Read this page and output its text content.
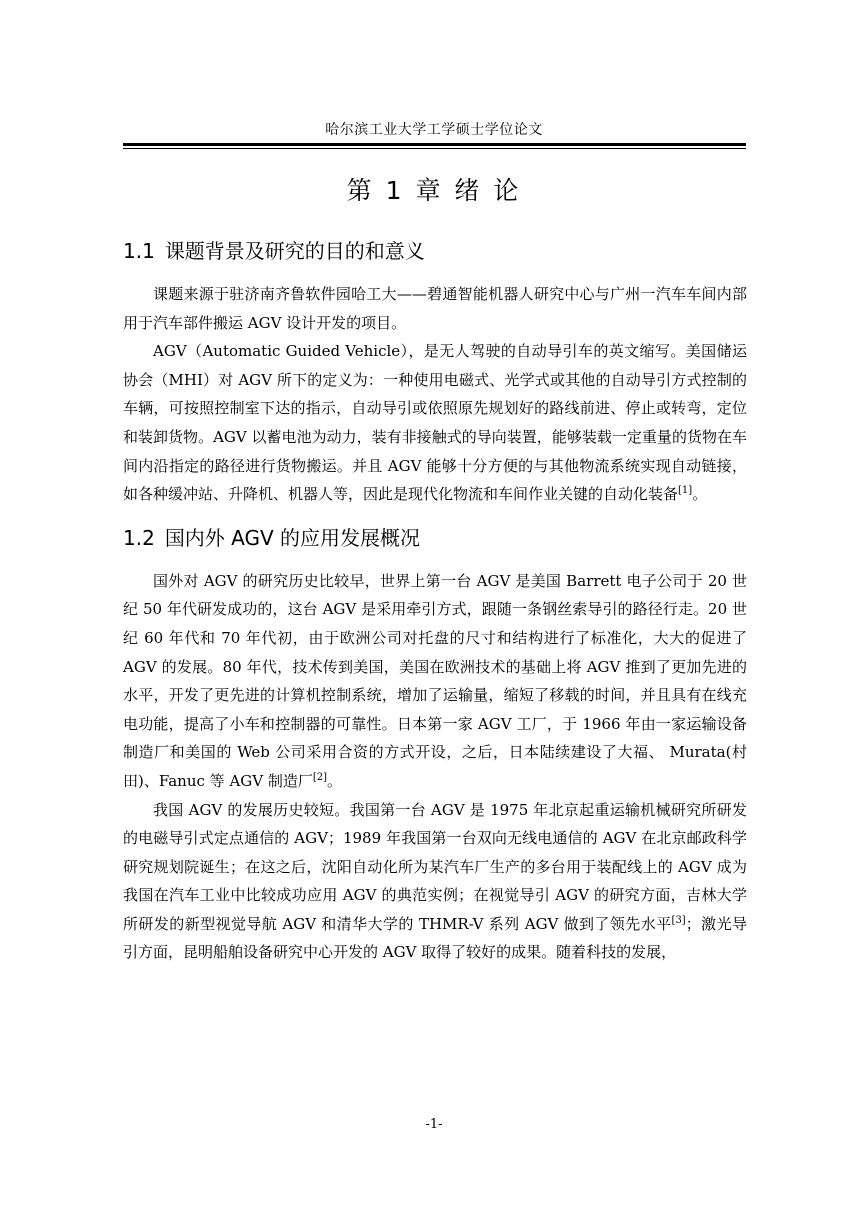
哈尔滨工业大学工学硕士学位论文
第 1 章 绪 论
1.1 课题背景及研究的目的和意义

课题来源于驻济南齐鲁软件园哈工大——碧通智能机器人研究中心与广州一汽车车间内部用于汽车部件搬运 AGV 设计开发的项目。

AGV（Automatic Guided Vehicle），是无人驾驶的自动导引车的英文缩写。美国储运协会（MHI）对 AGV 所下的定义为：一种使用电磁式、光学式或其他的自动导引方式控制的车辆，可按照控制室下达的指示，自动导引或依照原先规划好的路线前进、停止或转弯，定位和装卸货物。AGV 以蓄电池为动力，装有非接触式的导向装置，能够装载一定重量的货物在车间内沿指定的路径进行货物搬运。并且 AGV 能够十分方便的与其他物流系统实现自动链接，如各种缓冲站、升降机、机器人等，因此是现代化物流和车间作业关键的自动化装备[1]。

1.2 国内外 AGV 的应用发展概况

国外对 AGV 的研究历史比较早，世界上第一台 AGV 是美国 Barrett 电子公司于 20 世纪 50 年代研发成功的，这台 AGV 是采用牵引方式，跟随一条钢丝索导引的路径行走。20 世纪 60 年代和 70 年代初，由于欧洲公司对托盘的尺寸和结构进行了标准化，大大的促进了 AGV 的发展。80 年代，技术传到美国，美国在欧洲技术的基础上将 AGV 推到了更加先进的水平，开发了更先进的计算机控制系统，增加了运输量，缩短了移载的时间，并且具有在线充电功能，提高了小车和控制器的可靠性。日本第一家 AGV 工厂，于 1966 年由一家运输设备制造厂和美国的 Web 公司采用合资的方式开设，之后，日本陆续建设了大福、 Murata(村田)、Fanuc 等 AGV 制造厂[2]。

我国 AGV 的发展历史较短。我国第一台 AGV 是 1975 年北京起重运输机械研究所研发的电磁导引式定点通信的 AGV；1989 年我国第一台双向无线电通信的 AGV 在北京邮政科学研究规划院诞生；在这之后，沈阳自动化所为某汽车厂生产的多台用于装配线上的 AGV 成为我国在汽车工业中比较成功应用 AGV 的典范实例；在视觉导引 AGV 的研究方面，吉林大学所研发的新型视觉导航 AGV 和清华大学的 THMR-V 系列 AGV 做到了领先水平[3]；激光导引方面，昆明船舶设备研究中心开发的 AGV 取得了较好的成果。随着科技的发展，

-1-
